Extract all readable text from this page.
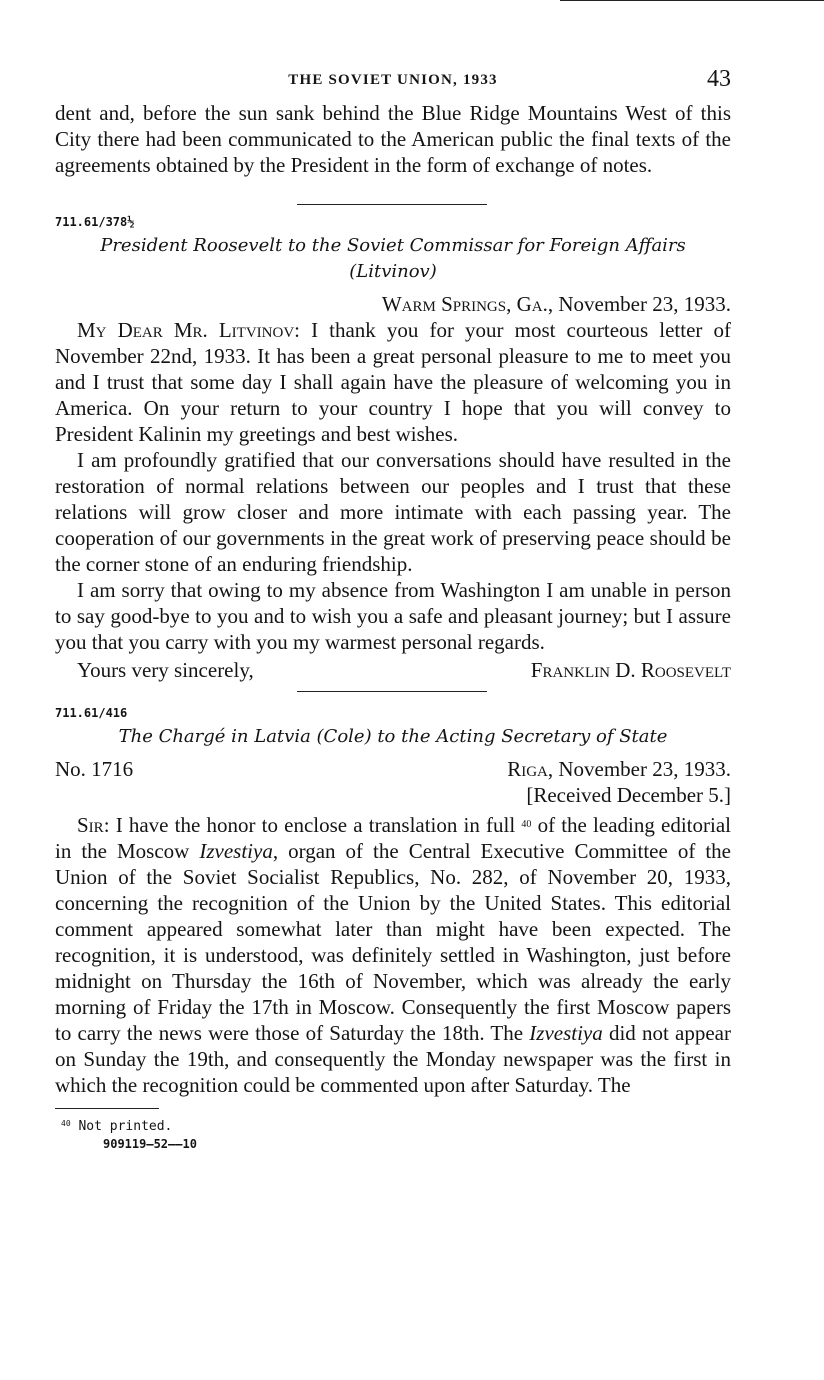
THE SOVIET UNION, 1933	43

dent and, before the sun sank behind the Blue Ridge Mountains West of this City there had been communicated to the American public the final texts of the agreements obtained by the President in the form of exchange of notes.

711.61/378½

President Roosevelt to the Soviet Commissar for Foreign Affairs (Litvinov)

Warm Springs, Ga., November 23, 1933.

My Dear Mr. Litvinov: I thank you for your most courteous letter of November 22nd, 1933. It has been a great personal pleasure to me to meet you and I trust that some day I shall again have the pleasure of welcoming you in America. On your return to your country I hope that you will convey to President Kalinin my greetings and best wishes.

I am profoundly gratified that our conversations should have resulted in the restoration of normal relations between our peoples and I trust that these relations will grow closer and more intimate with each passing year. The cooperation of our governments in the great work of preserving peace should be the corner stone of an enduring friendship.

I am sorry that owing to my absence from Washington I am unable in person to say good-bye to you and to wish you a safe and pleasant journey; but I assure you that you carry with you my warmest personal regards.

Yours very sincerely,	Franklin D. Roosevelt

711.61/416

The Chargé in Latvia (Cole) to the Acting Secretary of State

No. 1716	Riga, November 23, 1933.

[Received December 5.]

Sir: I have the honor to enclose a translation in full $^{40}$ of the leading editorial in the Moscow Izvestiya, organ of the Central Executive Committee of the Union of the Soviet Socialist Republics, No. 282, of November 20, 1933, concerning the recognition of the Union by the United States. This editorial comment appeared somewhat later than might have been expected. The recognition, it is understood, was definitely settled in Washington, just before midnight on Thursday the 16th of November, which was already the early morning of Friday the 17th in Moscow. Consequently the first Moscow papers to carry the news were those of Saturday the 18th. The Izvestiya did not appear on Sunday the 19th, and consequently the Monday newspaper was the first in which the recognition could be commented upon after Saturday. The

$^{40}$ Not printed.

909119—52——10
